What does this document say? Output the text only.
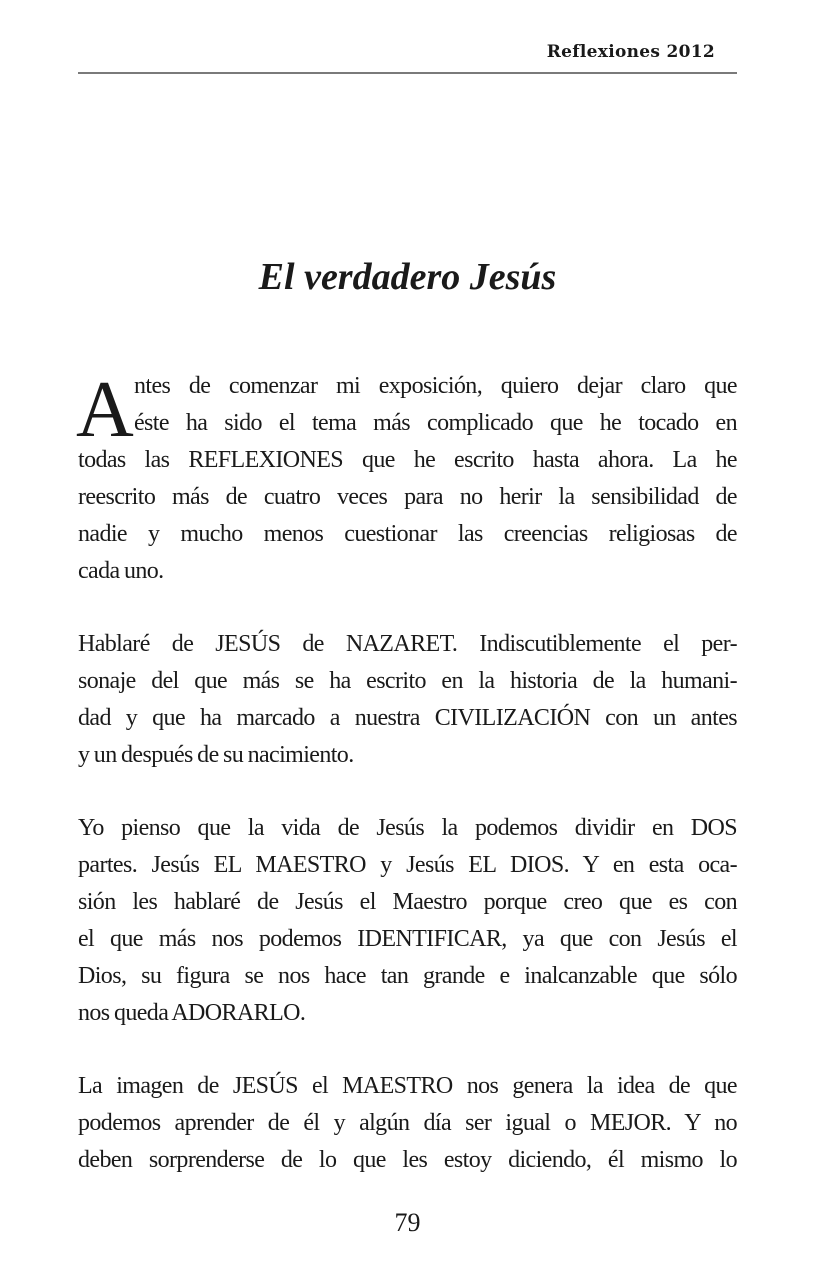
Reflexiones 2012
El verdadero Jesús
A ntes de comenzar mi exposición, quiero dejar claro que
éste ha sido el tema más complicado que he tocado en
todas las REFLEXIONES que he escrito hasta ahora. La he
reescrito más de cuatro veces para no herir la sensibilidad de
nadie y mucho menos cuestionar las creencias religiosas de
cada uno.
Hablaré de JESÚS de NAZARET. Indiscutiblemente el per-
sonaje del que más se ha escrito en la historia de la humani-
dad y que ha marcado a nuestra CIVILIZACIÓN con un antes
y un después de su nacimiento.
Yo pienso que la vida de Jesús la podemos dividir en DOS
partes. Jesús EL MAESTRO y Jesús EL DIOS. Y en esta oca-
sión les hablaré de Jesús el Maestro porque creo que es con
el que más nos podemos IDENTIFICAR, ya que con Jesús el
Dios, su figura se nos hace tan grande e inalcanzable que sólo
nos queda ADORARLO.
La imagen de JESÚS el MAESTRO nos genera la idea de que
podemos aprender de él y algún día ser igual o MEJOR. Y no
deben sorprenderse de lo que les estoy diciendo, él mismo lo
79
